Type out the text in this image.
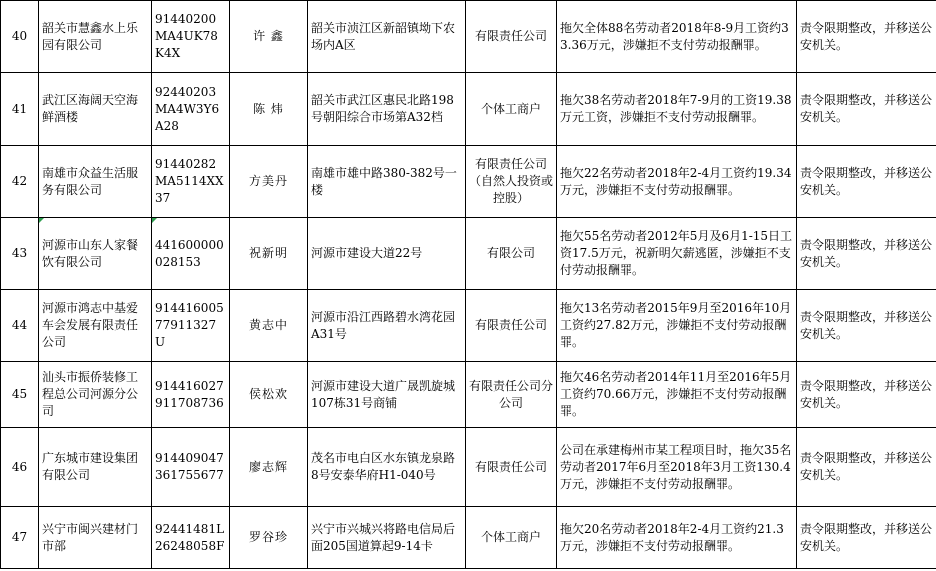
40	韶关市慧鑫水上乐园有限公司	91440200MA4UK78K4X	许 鑫	韶关市浈江区新韶镇坳下农场内A区	有限责任公司	拖欠全体88名劳动者2018年8-9月工资约33.36万元，涉嫌拒不支付劳动报酬罪。	责令限期整改，并移送公安机关。
41	武江区海阔天空海鲜酒楼	92440203MA4W3Y6A28	陈 炜	韶关市武江区惠民北路198号朝阳综合市场第A32档	个体工商户	拖欠38名劳动者2018年7-9月的工资19.38万元工资，涉嫌拒不支付劳动报酬罪。	责令限期整改，并移送公安机关。
42	南雄市众益生活服务有限公司	91440282MA5114XX37	方美丹	南雄市雄中路380-382号一楼	有限责任公司（自然人投资或控股）	拖欠22名劳动者2018年2-4月工资约19.34万元，涉嫌拒不支付劳动报酬罪。	责令限期整改，并移送公安机关。
43	河源市山东人家餐饮有限公司	441600000028153	祝新明	河源市建设大道22号	有限公司	拖欠55名劳动者2012年5月及6月1-15日工资17.5万元，祝新明欠薪逃匿，涉嫌拒不支付劳动报酬罪。	责令限期整改，并移送公安机关。
44	河源市鸿志中基爱车会发展有限责任公司	91441600577911327U	黄志中	河源市沿江西路碧水湾花园A31号	有限责任公司	拖欠13名劳动者2015年9月至2016年10月工资约27.82万元，涉嫌拒不支付劳动报酬罪。	责令限期整改，并移送公安机关。
45	汕头市振侨装修工程总公司河源分公司	914416027911708736	侯松欢	河源市建设大道广晟凯旋城107栋31号商铺	有限责任公司分公司	拖欠46名劳动者2014年11月至2016年5月工资约70.66万元，涉嫌拒不支付劳动报酬罪。	责令限期整改，并移送公安机关。
46	广东城市建设集团有限公司	914409047361755677	廖志辉	茂名市电白区水东镇龙泉路8号安泰华府H1-040号	有限责任公司	公司在承建梅州市某工程项目时，拖欠35名劳动者2017年6月至2018年3月工资130.4万元，涉嫌拒不支付劳动报酬罪。	责令限期整改，并移送公安机关。
47	兴宁市闽兴建材门市部	92441481L26248058F	罗谷珍	兴宁市兴城兴将路电信局后面205国道算起9-14卡	个体工商户	拖欠20名劳动者2018年2-4月工资约21.3万元，涉嫌拒不支付劳动报酬罪。	责令限期整改，并移送公安机关。
